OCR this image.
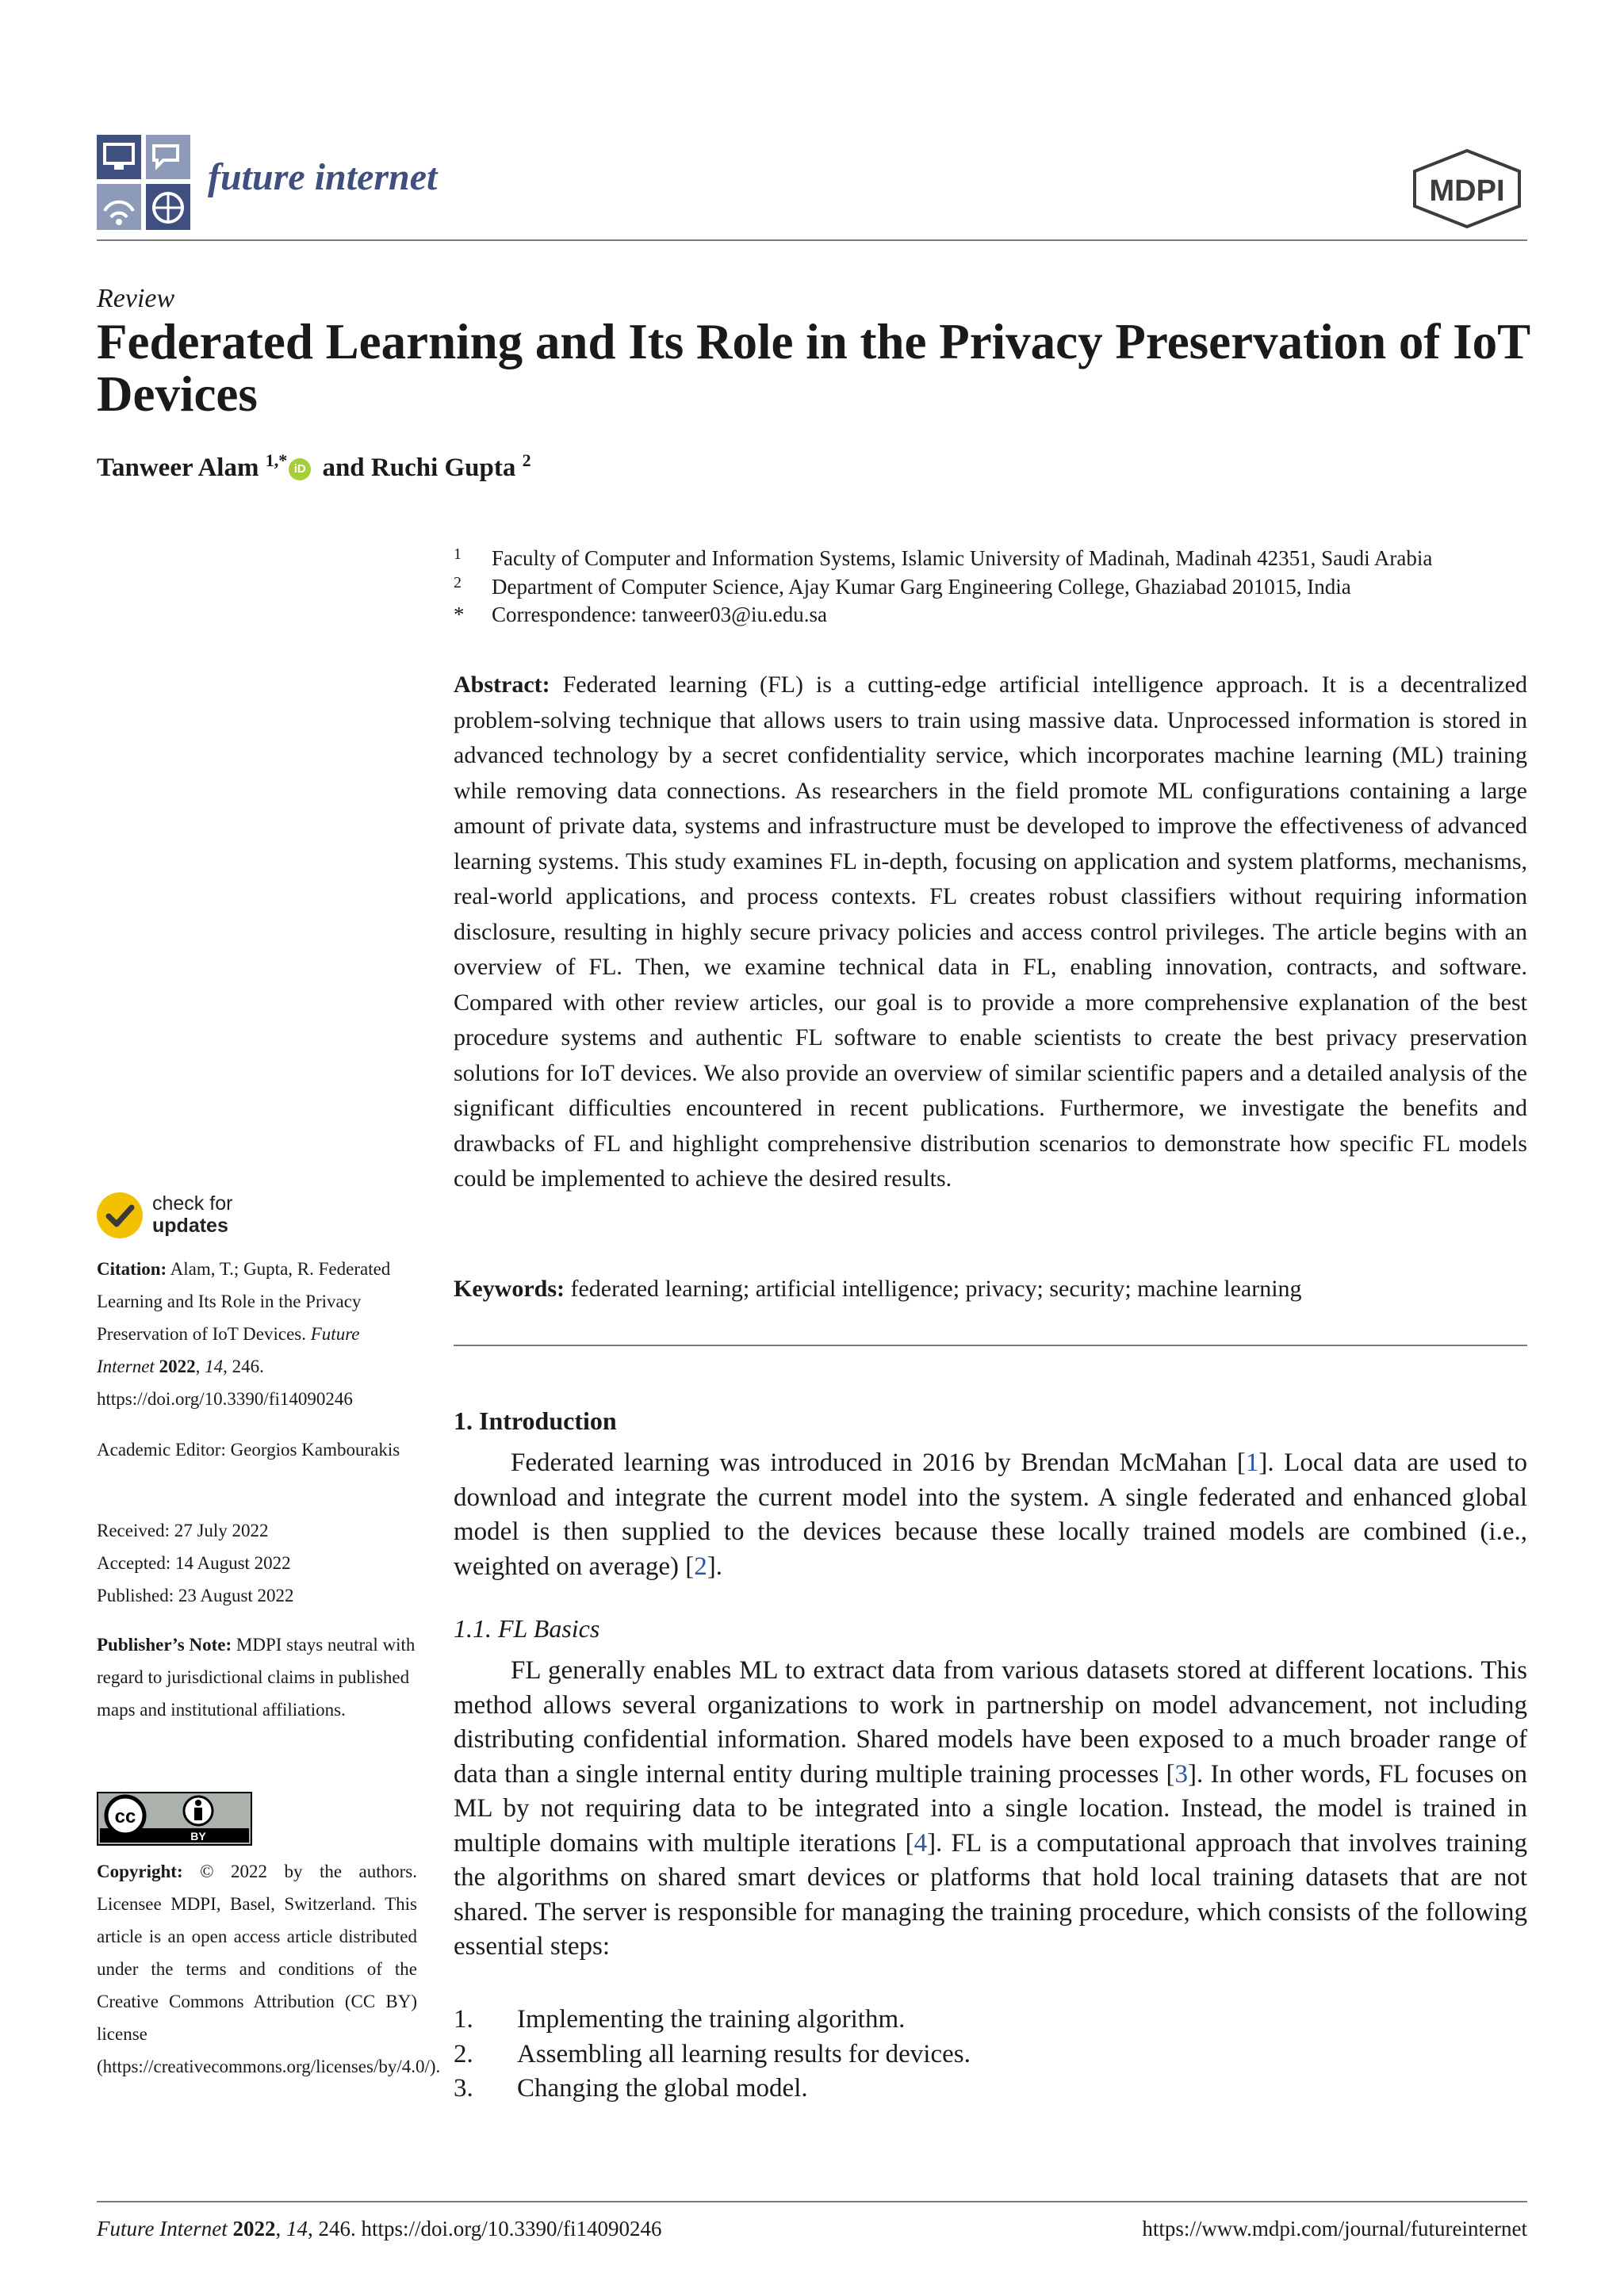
future internet	MDPI
Review
Federated Learning and Its Role in the Privacy Preservation of IoT Devices
Tanweer Alam $^{1,*}$ iD and Ruchi Gupta $^2$
1 Faculty of Computer and Information Systems, Islamic University of Madinah, Madinah 42351, Saudi Arabia
2 Department of Computer Science, Ajay Kumar Garg Engineering College, Ghaziabad 201015, India
* Correspondence: tanweer03@iu.edu.sa
Abstract: Federated learning (FL) is a cutting-edge artificial intelligence approach. It is a decentralized problem-solving technique that allows users to train using massive data. Unprocessed information is stored in advanced technology by a secret confidentiality service, which incorporates machine learning (ML) training while removing data connections. As researchers in the field promote ML configurations containing a large amount of private data, systems and infrastructure must be developed to improve the effectiveness of advanced learning systems. This study examines FL in-depth, focusing on application and system platforms, mechanisms, real-world applications, and process contexts. FL creates robust classifiers without requiring information disclosure, resulting in highly secure privacy policies and access control privileges. The article begins with an overview of FL. Then, we examine technical data in FL, enabling innovation, contracts, and software. Compared with other review articles, our goal is to provide a more comprehensive explanation of the best procedure systems and authentic FL software to enable scientists to create the best privacy preservation solutions for IoT devices. We also provide an overview of similar scientific papers and a detailed analysis of the significant difficulties encountered in recent publications. Furthermore, we investigate the benefits and drawbacks of FL and highlight comprehensive distribution scenarios to demonstrate how specific FL models could be implemented to achieve the desired results.
Keywords: federated learning; artificial intelligence; privacy; security; machine learning
1. Introduction
Federated learning was introduced in 2016 by Brendan McMahan [1]. Local data are used to download and integrate the current model into the system. A single federated and enhanced global model is then supplied to the devices because these locally trained models are combined (i.e., weighted on average) [2].
1.1. FL Basics
FL generally enables ML to extract data from various datasets stored at different locations. This method allows several organizations to work in partnership on model advancement, not including distributing confidential information. Shared models have been exposed to a much broader range of data than a single internal entity during multiple training processes [3]. In other words, FL focuses on ML by not requiring data to be integrated into a single location. Instead, the model is trained in multiple domains with multiple iterations [4]. FL is a computational approach that involves training the algorithms on shared smart devices or platforms that hold local training datasets that are not shared. The server is responsible for managing the training procedure, which consists of the following essential steps:
1. Implementing the training algorithm.
2. Assembling all learning results for devices.
3. Changing the global model.
check for
updates
Citation: Alam, T.; Gupta, R. Federated Learning and Its Role in the Privacy Preservation of IoT Devices. Future Internet 2022, 14, 246. https://doi.org/10.3390/fi14090246
Academic Editor: Georgios Kambourakis
Received: 27 July 2022
Accepted: 14 August 2022
Published: 23 August 2022
Publisher’s Note: MDPI stays neutral with regard to jurisdictional claims in published maps and institutional affiliations.
cc
BY
Copyright: © 2022 by the authors. Licensee MDPI, Basel, Switzerland. This article is an open access article distributed under the terms and conditions of the Creative Commons Attribution (CC BY) license (https://creativecommons.org/licenses/by/4.0/).
Future Internet 2022, 14, 246. https://doi.org/10.3390/fi14090246	https://www.mdpi.com/journal/futureinternet
